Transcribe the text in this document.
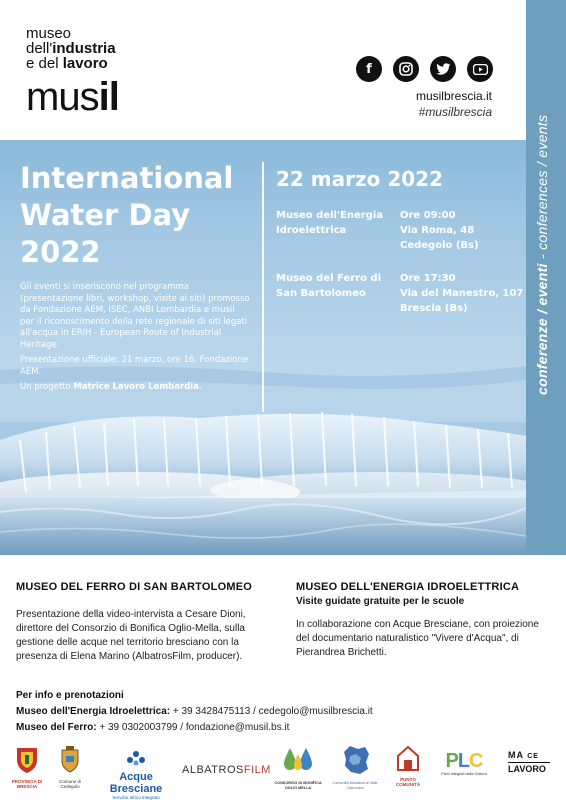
museo
dell'industria
e del lavoro
musil
f
musilbrescia.it
#musilbrescia
conferenze / eventi - conferences / events
International
Water Day
2022

Gli eventi si inseriscono nel programma (presentazione libri, workshop, visite ai siti) promosso da Fondazione AEM, ISEC, ANBI Lombardia e musil per il riconoscimento della rete regionale di siti legati all'acqua in ERIH - European Route of Industrial Heritage.

Presentazione ufficiale: 21 marzo, ore 16, Fondazione AEM.

Un progetto Matrice Lavoro Lombardia.

22 marzo 2022
Museo dell'Energia
Idroelettrica
Ore 09:00
Via Roma, 48
Cedegolo (Bs)
Museo del Ferro di
San Bartolomeo
Ore 17:30
Via del Manestro, 107
Brescia (Bs)
MUSEO DEL FERRO DI SAN BARTOLOMEO
Presentazione della video-intervista a Cesare Dioni, direttore del Consorzio di Bonifica Oglio-Mella, sulla gestione delle acque nel territorio bresciano con la presenza di Elena Marino (AlbatrosFilm, producer).
MUSEO DELL'ENERGIA IDROELETTRICA
Visite guidate gratuite per le scuole
In collaborazione con Acque Bresciane, con proiezione del documentario naturalistico "Vivere d'Acqua", di Pierandrea Brichetti.
Per info e prenotazioni
Museo dell'Energia Idroelettrica: + 39 3428475113 / cedegolo@musilbrescia.it
Museo del Ferro: + 39 0302003799 / fondazione@musil.bs.it
PROVINCIA DI BRESCIA
Comune di Cedegolo
Acque Bresciane
Servizio Idrico Integrato
ALBATROSFILM
CONSORZIO DI BONIFICA OGLIO MELLA
Comunità Montana di Valle Camonica
PUNTO COMUNITÀ
PLC
Piani Integrati della Cultura
MA CE
LAVORO
